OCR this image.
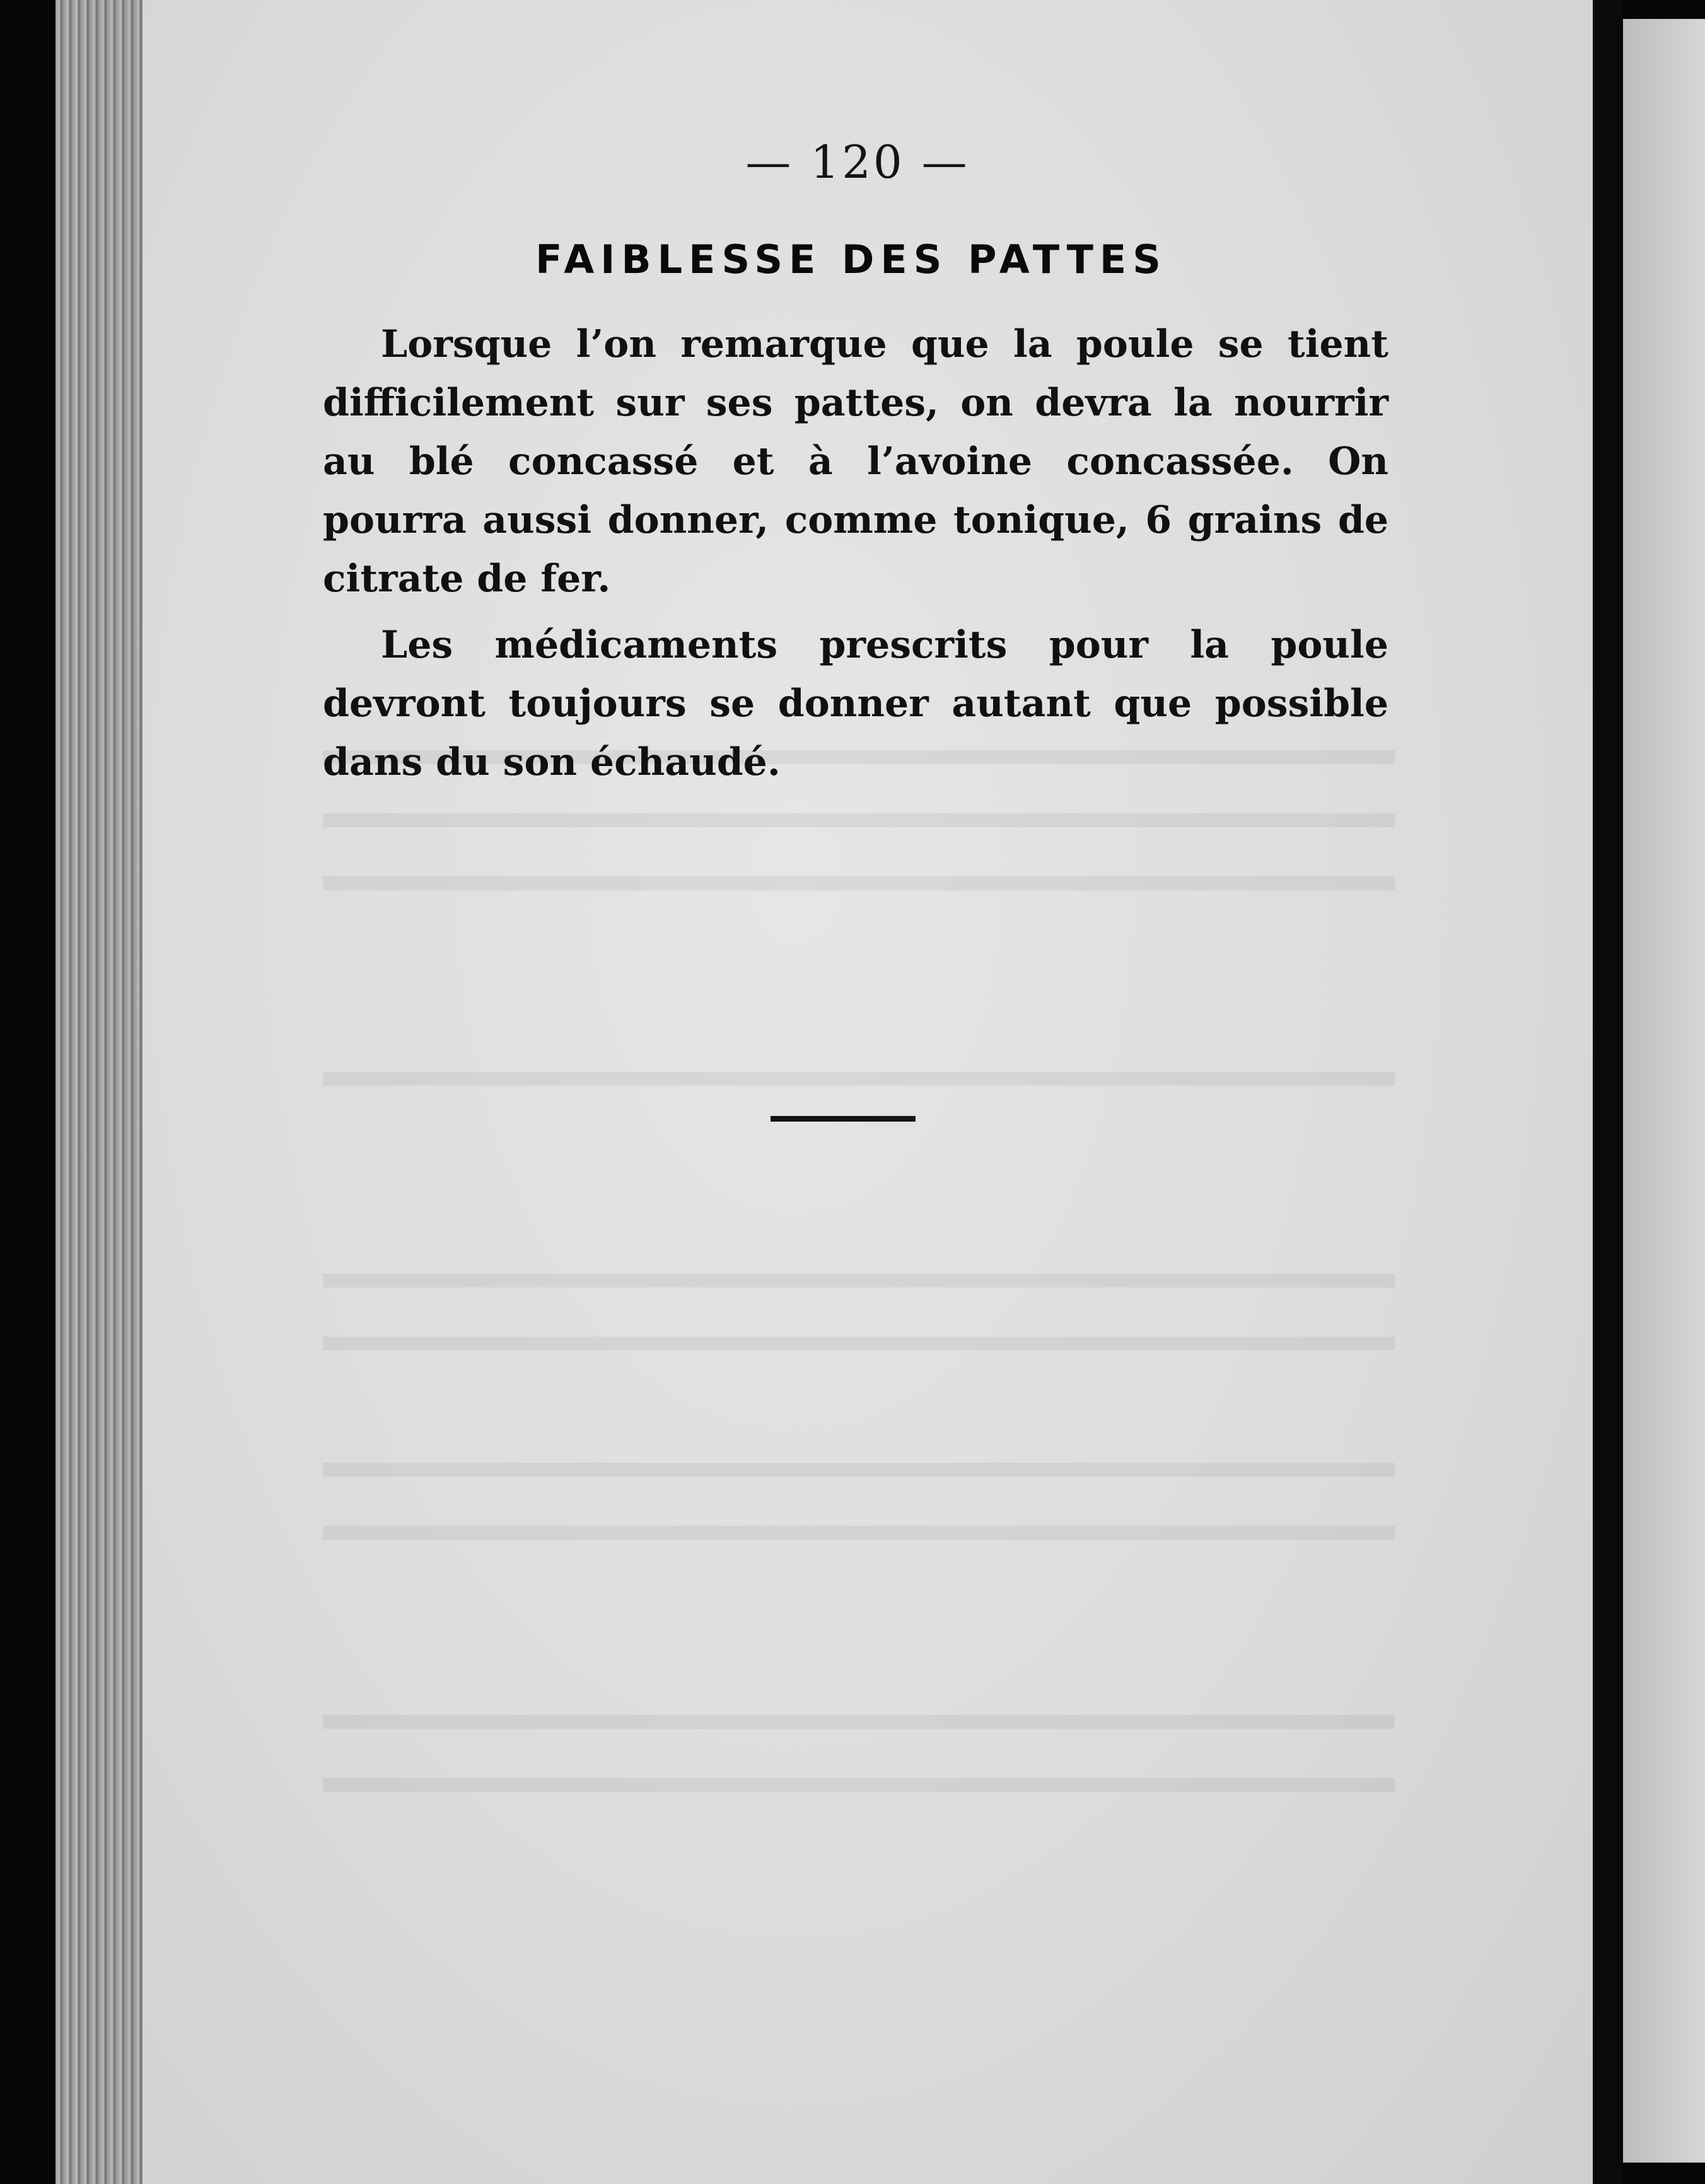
— 120 —
FAIBLESSE DES PATTES

Lorsque l’on remarque que la poule se tient difficilement sur ses pattes, on devra la nourrir au blé concassé et à l’avoine concassée. On pourra aussi donner, comme tonique, 6 grains de citrate de fer.

Les médicaments prescrits pour la poule devront toujours se donner autant que possible dans du son échaudé.
